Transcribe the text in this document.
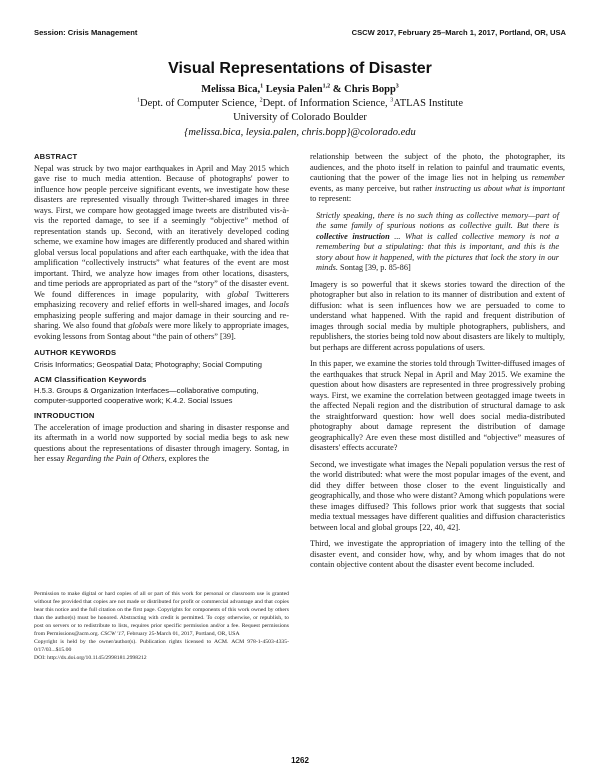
Session: Crisis Management	CSCW 2017, February 25–March 1, 2017, Portland, OR, USA
Visual Representations of Disaster
Melissa Bica,$^1$ Leysia Palen$^{1,2}$ & Chris Bopp$^3$
$^1$Dept. of Computer Science, $^2$Dept. of Information Science, $^3$ATLAS Institute
University of Colorado Boulder
{melissa.bica, leysia.palen, chris.bopp}@colorado.edu
ABSTRACT

Nepal was struck by two major earthquakes in April and May 2015 which gave rise to much media attention. Because of photographs' power to influence how people perceive significant events, we investigate how these disasters are represented visually through Twitter-shared images in three ways. First, we compare how geotagged image tweets are distributed vis-à-vis the reported damage, to see if a seemingly “objective” method of representation stands up. Second, with an iteratively developed coding scheme, we examine how images are differently produced and shared within global versus local populations and after each earthquake, with the idea that amplification “collectively instructs” what features of the event are most important. Third, we analyze how images from other locations, disasters, and time periods are appropriated as part of the “story” of the disaster event. We found differences in image popularity, with global Twitterers emphasizing recovery and relief efforts in well-shared images, and locals emphasizing people suffering and major damage in their sourcing and re-sharing. We also found that globals were more likely to appropriate images, evoking lessons from Sontag about “the pain of others” [39].

AUTHOR KEYWORDS
Crisis Informatics; Geospatial Data; Photography; Social Computing
ACM Classification Keywords
H.5.3. Groups & Organization Interfaces—collaborative computing, computer-supported cooperative work; K.4.2. Social Issues
INTRODUCTION

The acceleration of image production and sharing in disaster response and its aftermath in a world now supported by social media begs to ask new questions about the representations of disaster through imagery. Sontag, in her essay Regarding the Pain of Others, explores the

Permission to make digital or hard copies of all or part of this work for personal or classroom use is granted without fee provided that copies are not made or distributed for profit or commercial advantage and that copies bear this notice and the full citation on the first page. Copyrights for components of this work owned by others than the author(s) must be honored. Abstracting with credit is permitted. To copy otherwise, or republish, to post on servers or to redistribute to lists, requires prior specific permission and/or a fee. Request permissions from Permissions@acm.org. CSCW '17, February 25-March 01, 2017, Portland, OR, USA
Copyright is held by the owner/author(s). Publication rights licensed to ACM. ACM 978-1-4503-4335-0/17/03...$15.00
DOI: http://dx.doi.org/10.1145/2998181.2998212

relationship between the subject of the photo, the photographer, its audiences, and the photo itself in relation to painful and traumatic events, cautioning that the power of the image lies not in helping us remember events, as many perceive, but rather instructing us about what is important to represent:

Strictly speaking, there is no such thing as collective memory—part of the same family of spurious notions as collective guilt. But there is collective instruction ... What is called collective memory is not a remembering but a stipulating: that this is important, and this is the story about how it happened, with the pictures that lock the story in our minds. Sontag [39, p. 85-86]

Imagery is so powerful that it skews stories toward the direction of the photographer but also in relation to its manner of distribution and extent of diffusion: what is seen influences how we are persuaded to come to understand what happened. With the rapid and frequent distribution of images through social media by multiple photographers, publishers, and republishers, the stories being told now about disasters are likely to multiply, but perhaps are different across populations of users.

In this paper, we examine the stories told through Twitter-diffused images of the earthquakes that struck Nepal in April and May 2015. We examine the question about how disasters are represented in three progressively probing ways. First, we examine the correlation between geotagged image tweets in the affected Nepali region and the distribution of structural damage to ask the straightforward question: how well does social media-distributed photography about damage represent the distribution of damage geographically? Are even these most distilled and “objective” measures of disasters' effects accurate?

Second, we investigate what images the Nepali population versus the rest of the world distributed: what were the most popular images of the event, and did they differ between those closer to the event linguistically and geographically, and those who were distant? Among which populations were these images diffused? This follows prior work that suggests that social media textual messages have different qualities and diffusion characteristics between local and global groups [22, 40, 42].

Third, we investigate the appropriation of imagery into the telling of the disaster event, and consider how, why, and by whom images that do not contain objective content about the disaster event become included.

1262
